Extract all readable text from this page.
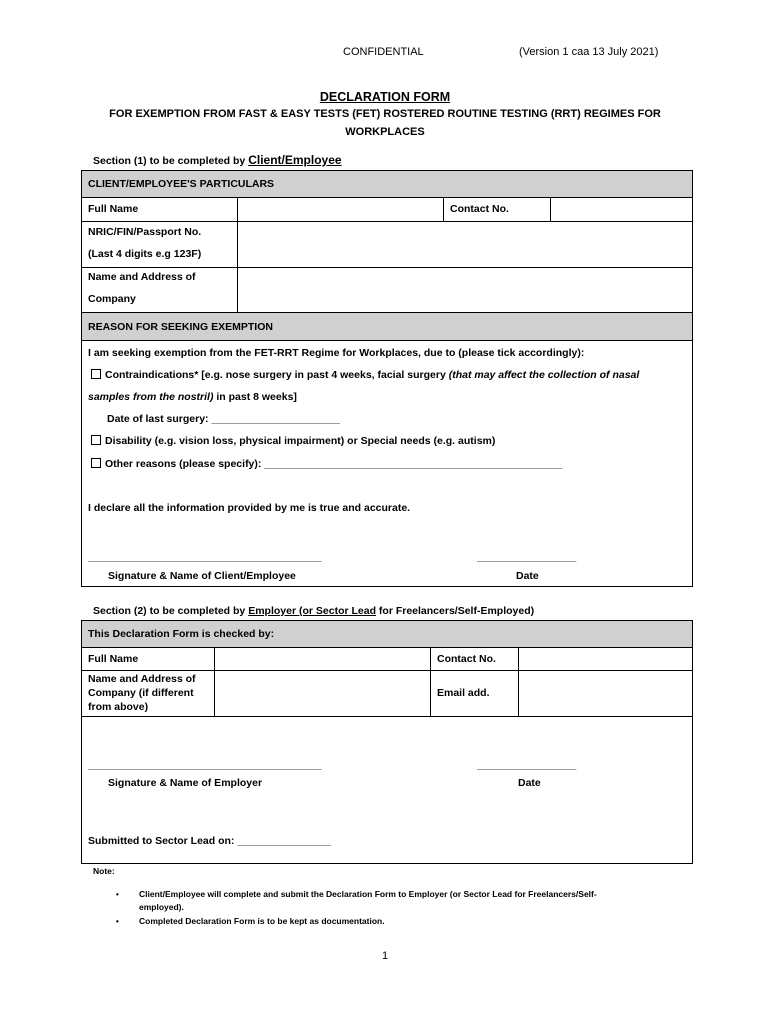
CONFIDENTIAL	(Version 1 caa 13 July 2021)
DECLARATION FORM
FOR EXEMPTION FROM FAST & EASY TESTS (FET) ROSTERED ROUTINE TESTING (RRT) REGIMES FOR
WORKPLACES
Section (1) to be completed by Client/Employee
CLIENT/EMPLOYEE'S PARTICULARS
Full Name	Contact No.
NRIC/FIN/Passport No.
(Last 4 digits e.g 123F)
Name and Address of
Company
REASON FOR SEEKING EXEMPTION
I am seeking exemption from the FET-RRT Regime for Workplaces, due to (please tick accordingly):
Contraindications* [e.g. nose surgery in past 4 weeks, facial surgery (that may affect the collection of nasal
samples from the nostril) in past 8 weeks]
Date of last surgery: ______________________
Disability (e.g. vision loss, physical impairment) or Special needs (e.g. autism)
Other reasons (please specify): ___________________________________________________
I declare all the information provided by me is true and accurate.
________________________________________	_________________
Signature & Name of Client/Employee	Date
Section (2) to be completed by Employer (or Sector Lead for Freelancers/Self-Employed)
This Declaration Form is checked by:
Full Name	Contact No.
Name and Address of
Company (if different
from above)
Email add.
________________________________________	_________________
Signature & Name of Employer	Date
Submitted to Sector Lead on: ________________
Note:
• Client/Employee will complete and submit the Declaration Form to Employer (or Sector Lead for Freelancers/Self-employed).
• Completed Declaration Form is to be kept as documentation.
1
